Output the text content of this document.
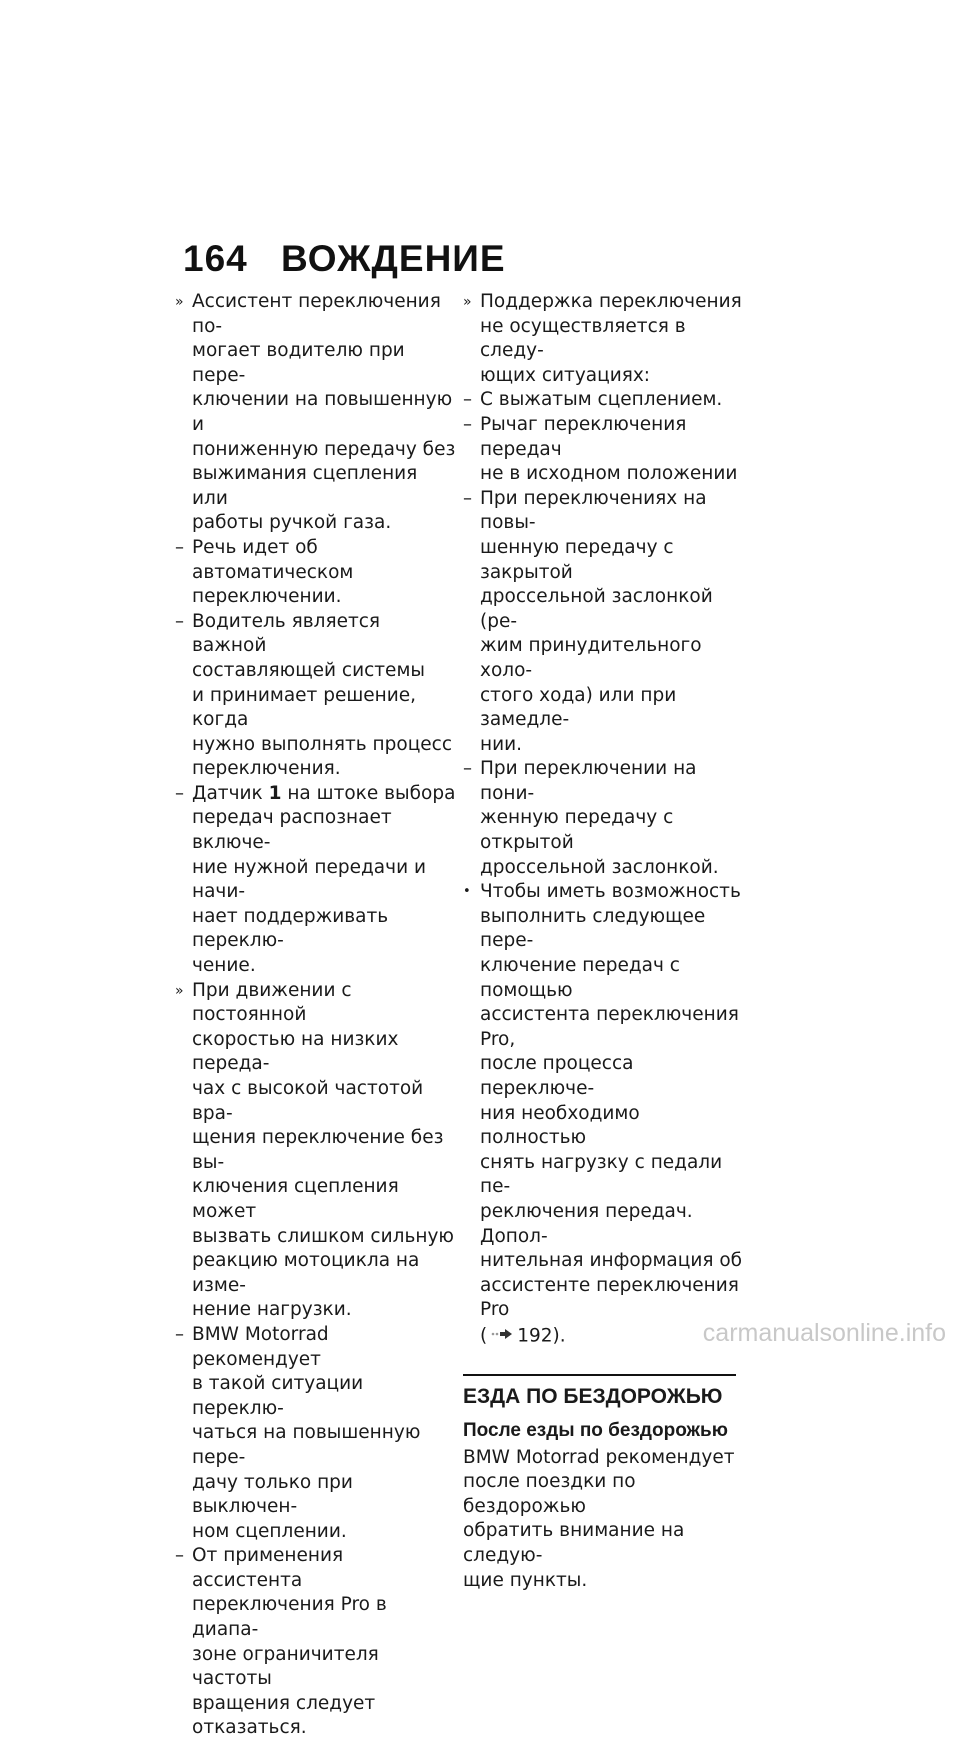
164 ВОЖДЕНИЕ
» Ассистент переключения по-
могает водителю при пере-
ключении на повышенную и
пониженную передачу без
выжимания сцепления или
работы ручкой газа.
– Речь идет об автоматическом
переключении.
– Водитель является важной
составляющей системы
и принимает решение, когда
нужно выполнять процесс
переключения.
– Датчик 1 на штоке выбора
передач распознает включе-
ние нужной передачи и начи-
нает поддерживать переклю-
чение.
» При движении с постоянной
скоростью на низких переда-
чах с высокой частотой вра-
щения переключение без вы-
ключения сцепления может
вызвать слишком сильную
реакцию мотоцикла на изме-
нение нагрузки.
– BMW Motorrad рекомендует
в такой ситуации переклю-
чаться на повышенную пере-
дачу только при выключен-
ном сцеплении.
– От применения ассистента
переключения Pro в диапа-
зоне ограничителя частоты
вращения следует отказаться.
» Поддержка переключения
не осуществляется в следу-
ющих ситуациях:
– С выжатым сцеплением.
– Рычаг переключения передач
не в исходном положении
– При переключениях на повы-
шенную передачу с закрытой
дроссельной заслонкой (ре-
жим принудительного холо-
стого хода) или при замедле-
нии.
– При переключении на пони-
женную передачу с открытой
дроссельной заслонкой.
• Чтобы иметь возможность
выполнить следующее пере-
ключение передач с помощью
ассистента переключения Pro,
после процесса переключе-
ния необходимо полностью
снять нагрузку с педали пе-
реключения передач. Допол-
нительная информация об
ассистенте переключения Pro
( 192).

ЕЗДА ПО БЕЗДОРОЖЬЮ

После езды по бездорожью

BMW Motorrad рекомендует
после поездки по бездорожью
обратить внимание на следую-
щие пункты.

carmanualsonline.info
